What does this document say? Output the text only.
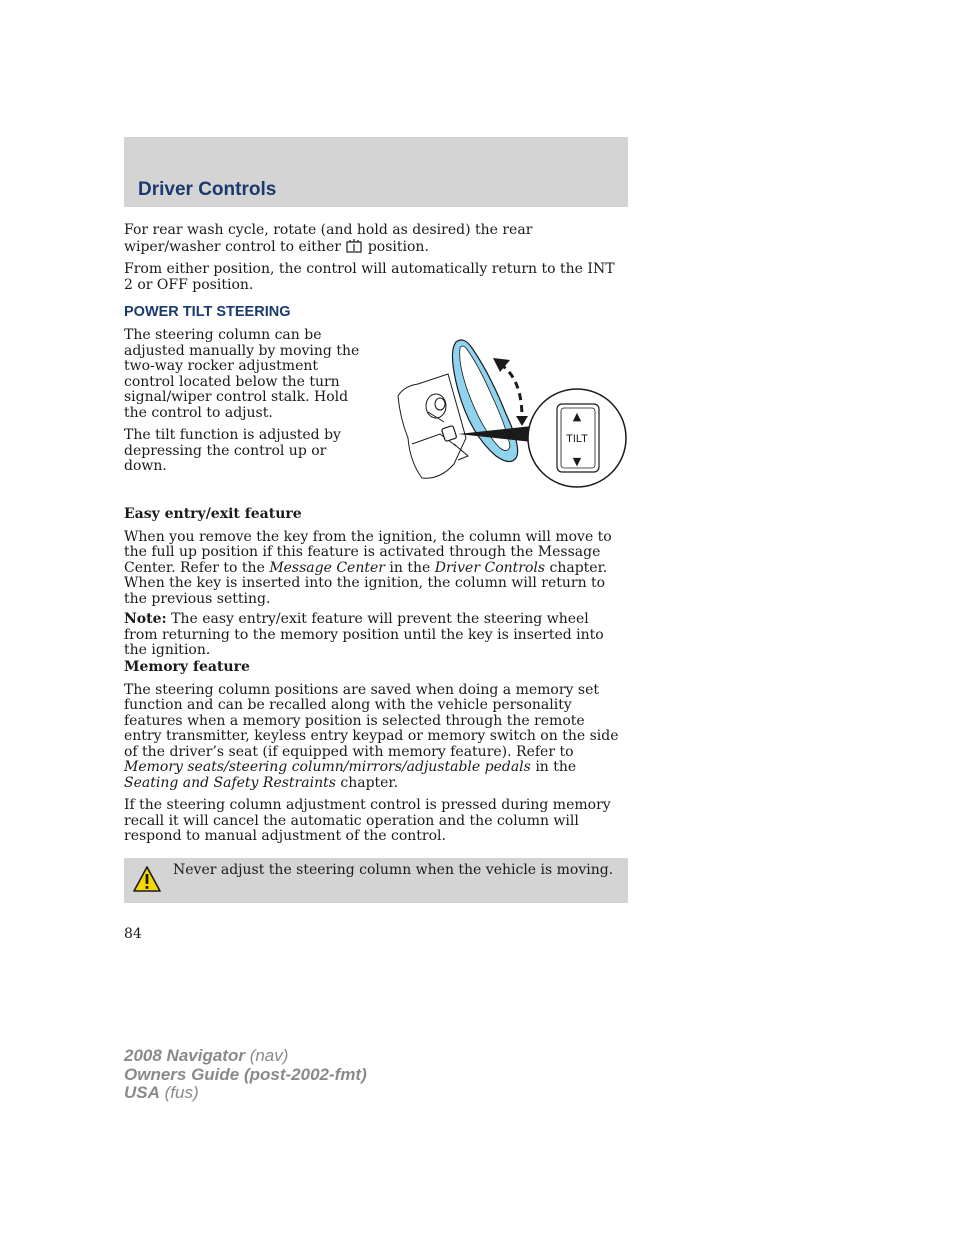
Driver Controls

For rear wash cycle, rotate (and hold as desired) the rear wiper/washer control to either position.

From either position, the control will automatically return to the INT 2 or OFF position.

POWER TILT STEERING

The steering column can be adjusted manually by moving the two-way rocker adjustment control located below the turn signal/wiper control stalk. Hold the control to adjust.

The tilt function is adjusted by depressing the control up or down.

▲
TILT
▼

Easy entry/exit feature

When you remove the key from the ignition, the column will move to the full up position if this feature is activated through the Message Center. Refer to the Message Center in the Driver Controls chapter. When the key is inserted into the ignition, the column will return to the previous setting.

Note: The easy entry/exit feature will prevent the steering wheel from returning to the memory position until the key is inserted into the ignition.

Memory feature

The steering column positions are saved when doing a memory set function and can be recalled along with the vehicle personality features when a memory position is selected through the remote entry transmitter, keyless entry keypad or memory switch on the side of the driver’s seat (if equipped with memory feature). Refer to Memory seats/steering column/mirrors/adjustable pedals in the Seating and Safety Restraints chapter.

If the steering column adjustment control is pressed during memory recall it will cancel the automatic operation and the column will respond to manual adjustment of the control.

Never adjust the steering column when the vehicle is moving.
84
2008 Navigator (nav)
Owners Guide (post-2002-fmt)
USA (fus)
